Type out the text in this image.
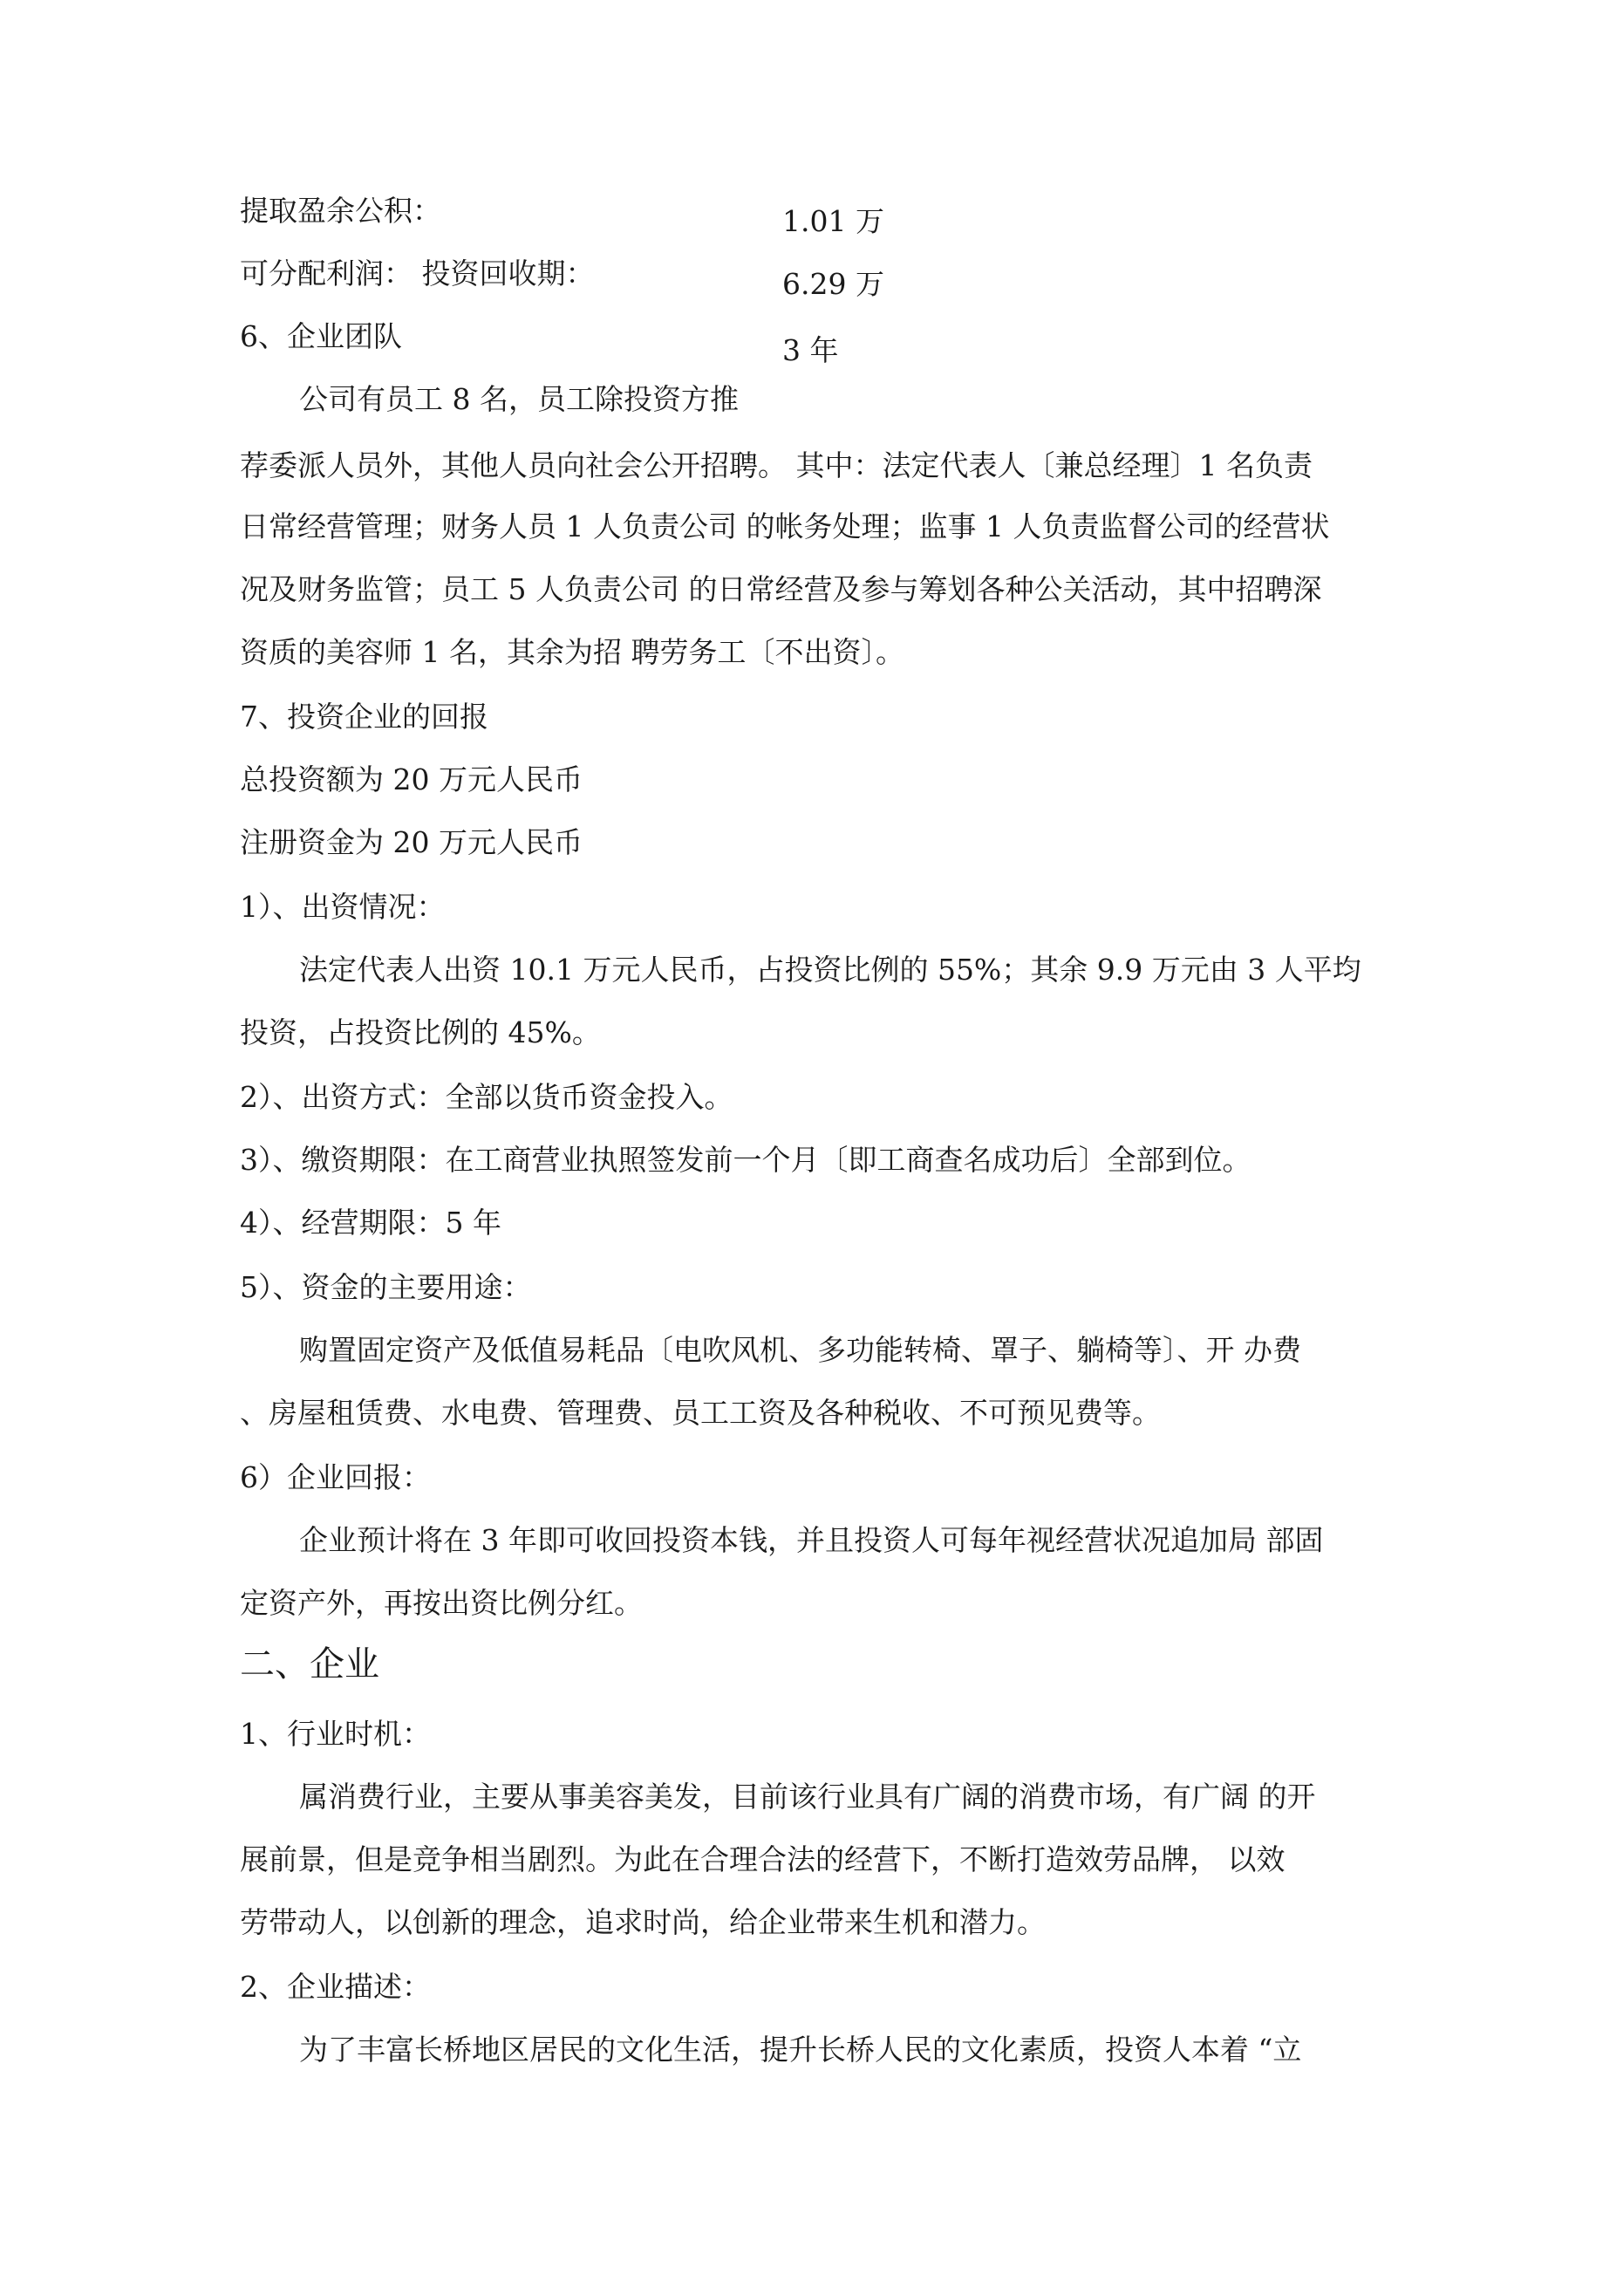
提取盈余公积：	1.01 万
可分配利润： 投资回收期：	6.29 万
6、企业团队	3 年
公司有员工 8 名，员工除投资方推
荐委派人员外，其他人员向社会公开招聘。 其中：法定代表人〔兼总经理〕1 名负责
日常经营管理；财务人员 1 人负责公司 的帐务处理；监事 1 人负责监督公司的经营状
况及财务监管；员工 5 人负责公司 的日常经营及参与筹划各种公关活动，其中招聘深
资质的美容师 1 名，其余为招 聘劳务工〔不出资〕。
7、投资企业的回报
总投资额为 20 万元人民币
注册资金为 20 万元人民币
1）、出资情况：
法定代表人出资 10.1 万元人民币，占投资比例的 55%；其余 9.9 万元由 3 人平均
投资，占投资比例的 45%。
2）、出资方式：全部以货币资金投入。
3）、缴资期限：在工商营业执照签发前一个月〔即工商查名成功后〕全部到位。
4）、经营期限：5 年
5）、资金的主要用途：
购置固定资产及低值易耗品〔电吹风机、多功能转椅、罩子、躺椅等〕、开 办费
、房屋租赁费、水电费、管理费、员工工资及各种税收、不可预见费等。
6）企业回报：
企业预计将在 3 年即可收回投资本钱，并且投资人可每年视经营状况追加局 部固
定资产外，再按出资比例分红。
二、企业
1、行业时机：
属消费行业，主要从事美容美发，目前该行业具有广阔的消费市场，有广阔 的开
展前景，但是竞争相当剧烈。为此在合理合法的经营下，不断打造效劳品牌， 以效
劳带动人，以创新的理念，追求时尚，给企业带来生机和潜力。
2、企业描述：
为了丰富长桥地区居民的文化生活，提升长桥人民的文化素质，投资人本着 “立
